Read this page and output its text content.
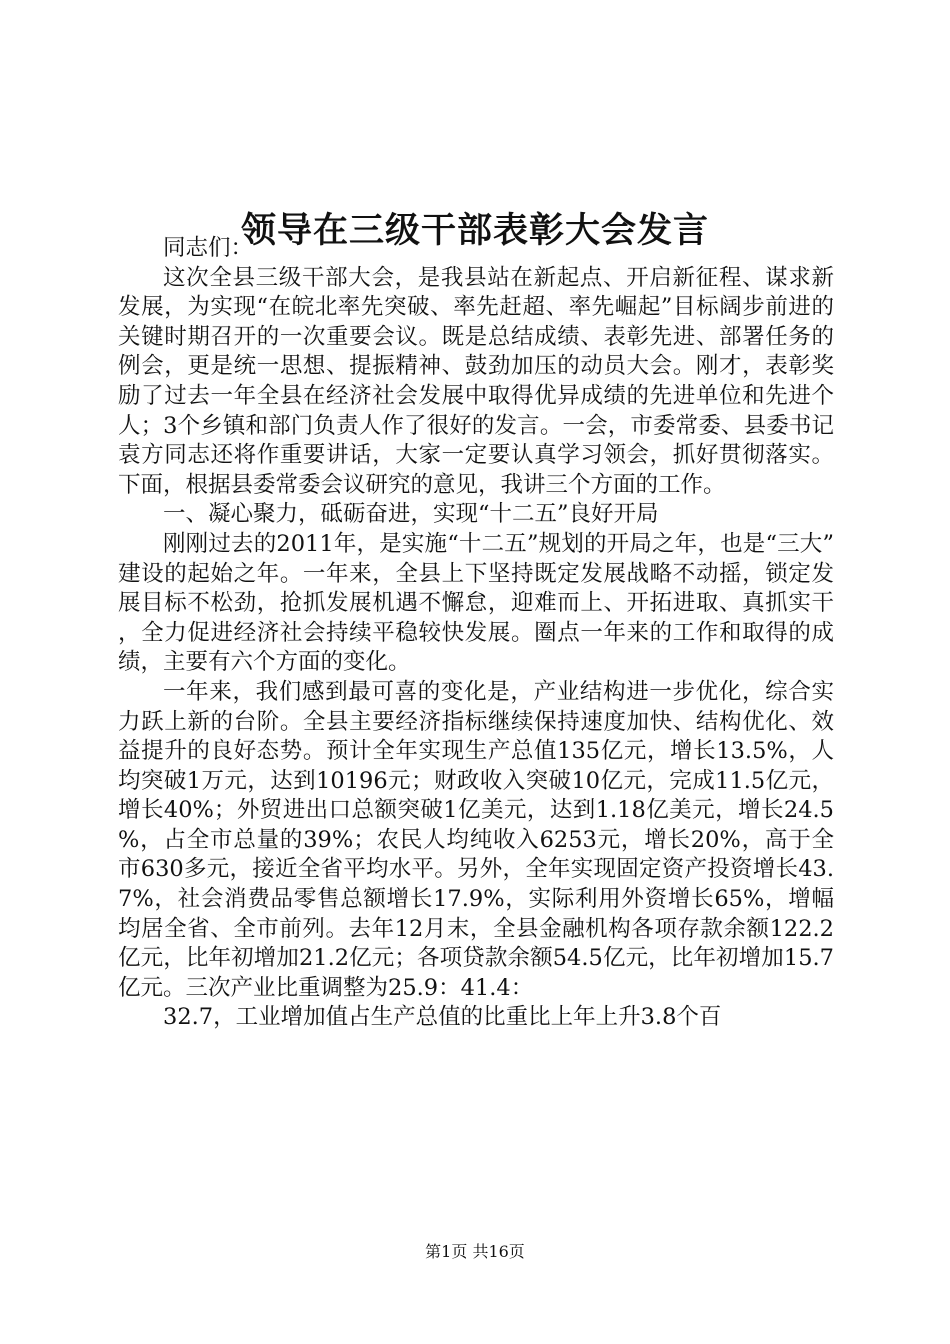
领导在三级干部表彰大会发言

同志们：

这次全县三级干部大会，是我县站在新起点、开启新征程、谋求新发展，为实现“在皖北率先突破、率先赶超、率先崛起”目标阔步前进的关键时期召开的一次重要会议。既是总结成绩、表彰先进、部署任务的例会，更是统一思想、提振精神、鼓劲加压的动员大会。刚才，表彰奖励了过去一年全县在经济社会发展中取得优异成绩的先进单位和先进个人；3个乡镇和部门负责人作了很好的发言。一会，市委常委、县委书记袁方同志还将作重要讲话，大家一定要认真学习领会，抓好贯彻落实。下面，根据县委常委会议研究的意见，我讲三个方面的工作。

一、凝心聚力，砥砺奋进，实现“十二五”良好开局

刚刚过去的2011年，是实施“十二五”规划的开局之年，也是“三大”建设的起始之年。一年来，全县上下坚持既定发展战略不动摇，锁定发展目标不松劲，抢抓发展机遇不懈怠，迎难而上、开拓进取、真抓实干，全力促进经济社会持续平稳较快发展。圈点一年来的工作和取得的成绩，主要有六个方面的变化。

一年来，我们感到最可喜的变化是，产业结构进一步优化，综合实力跃上新的台阶。全县主要经济指标继续保持速度加快、结构优化、效益提升的良好态势。预计全年实现生产总值135亿元，增长13.5%，人均突破1万元，达到10196元；财政收入突破10亿元，完成11.5亿元，增长40%；外贸进出口总额突破1亿美元，达到1.18亿美元，增长24.5%，占全市总量的39%；农民人均纯收入6253元，增长20%，高于全市630多元，接近全省平均水平。另外，全年实现固定资产投资增长43.7%，社会消费品零售总额增长17.9%，实际利用外资增长65%，增幅均居全省、全市前列。去年12月末，全县金融机构各项存款余额122.2亿元，比年初增加21.2亿元；各项贷款余额54.5亿元，比年初增加15.7亿元。三次产业比重调整为25.9：41.4：

32.7，工业增加值占生产总值的比重比上年上升3.8个百

第1页 共16页
